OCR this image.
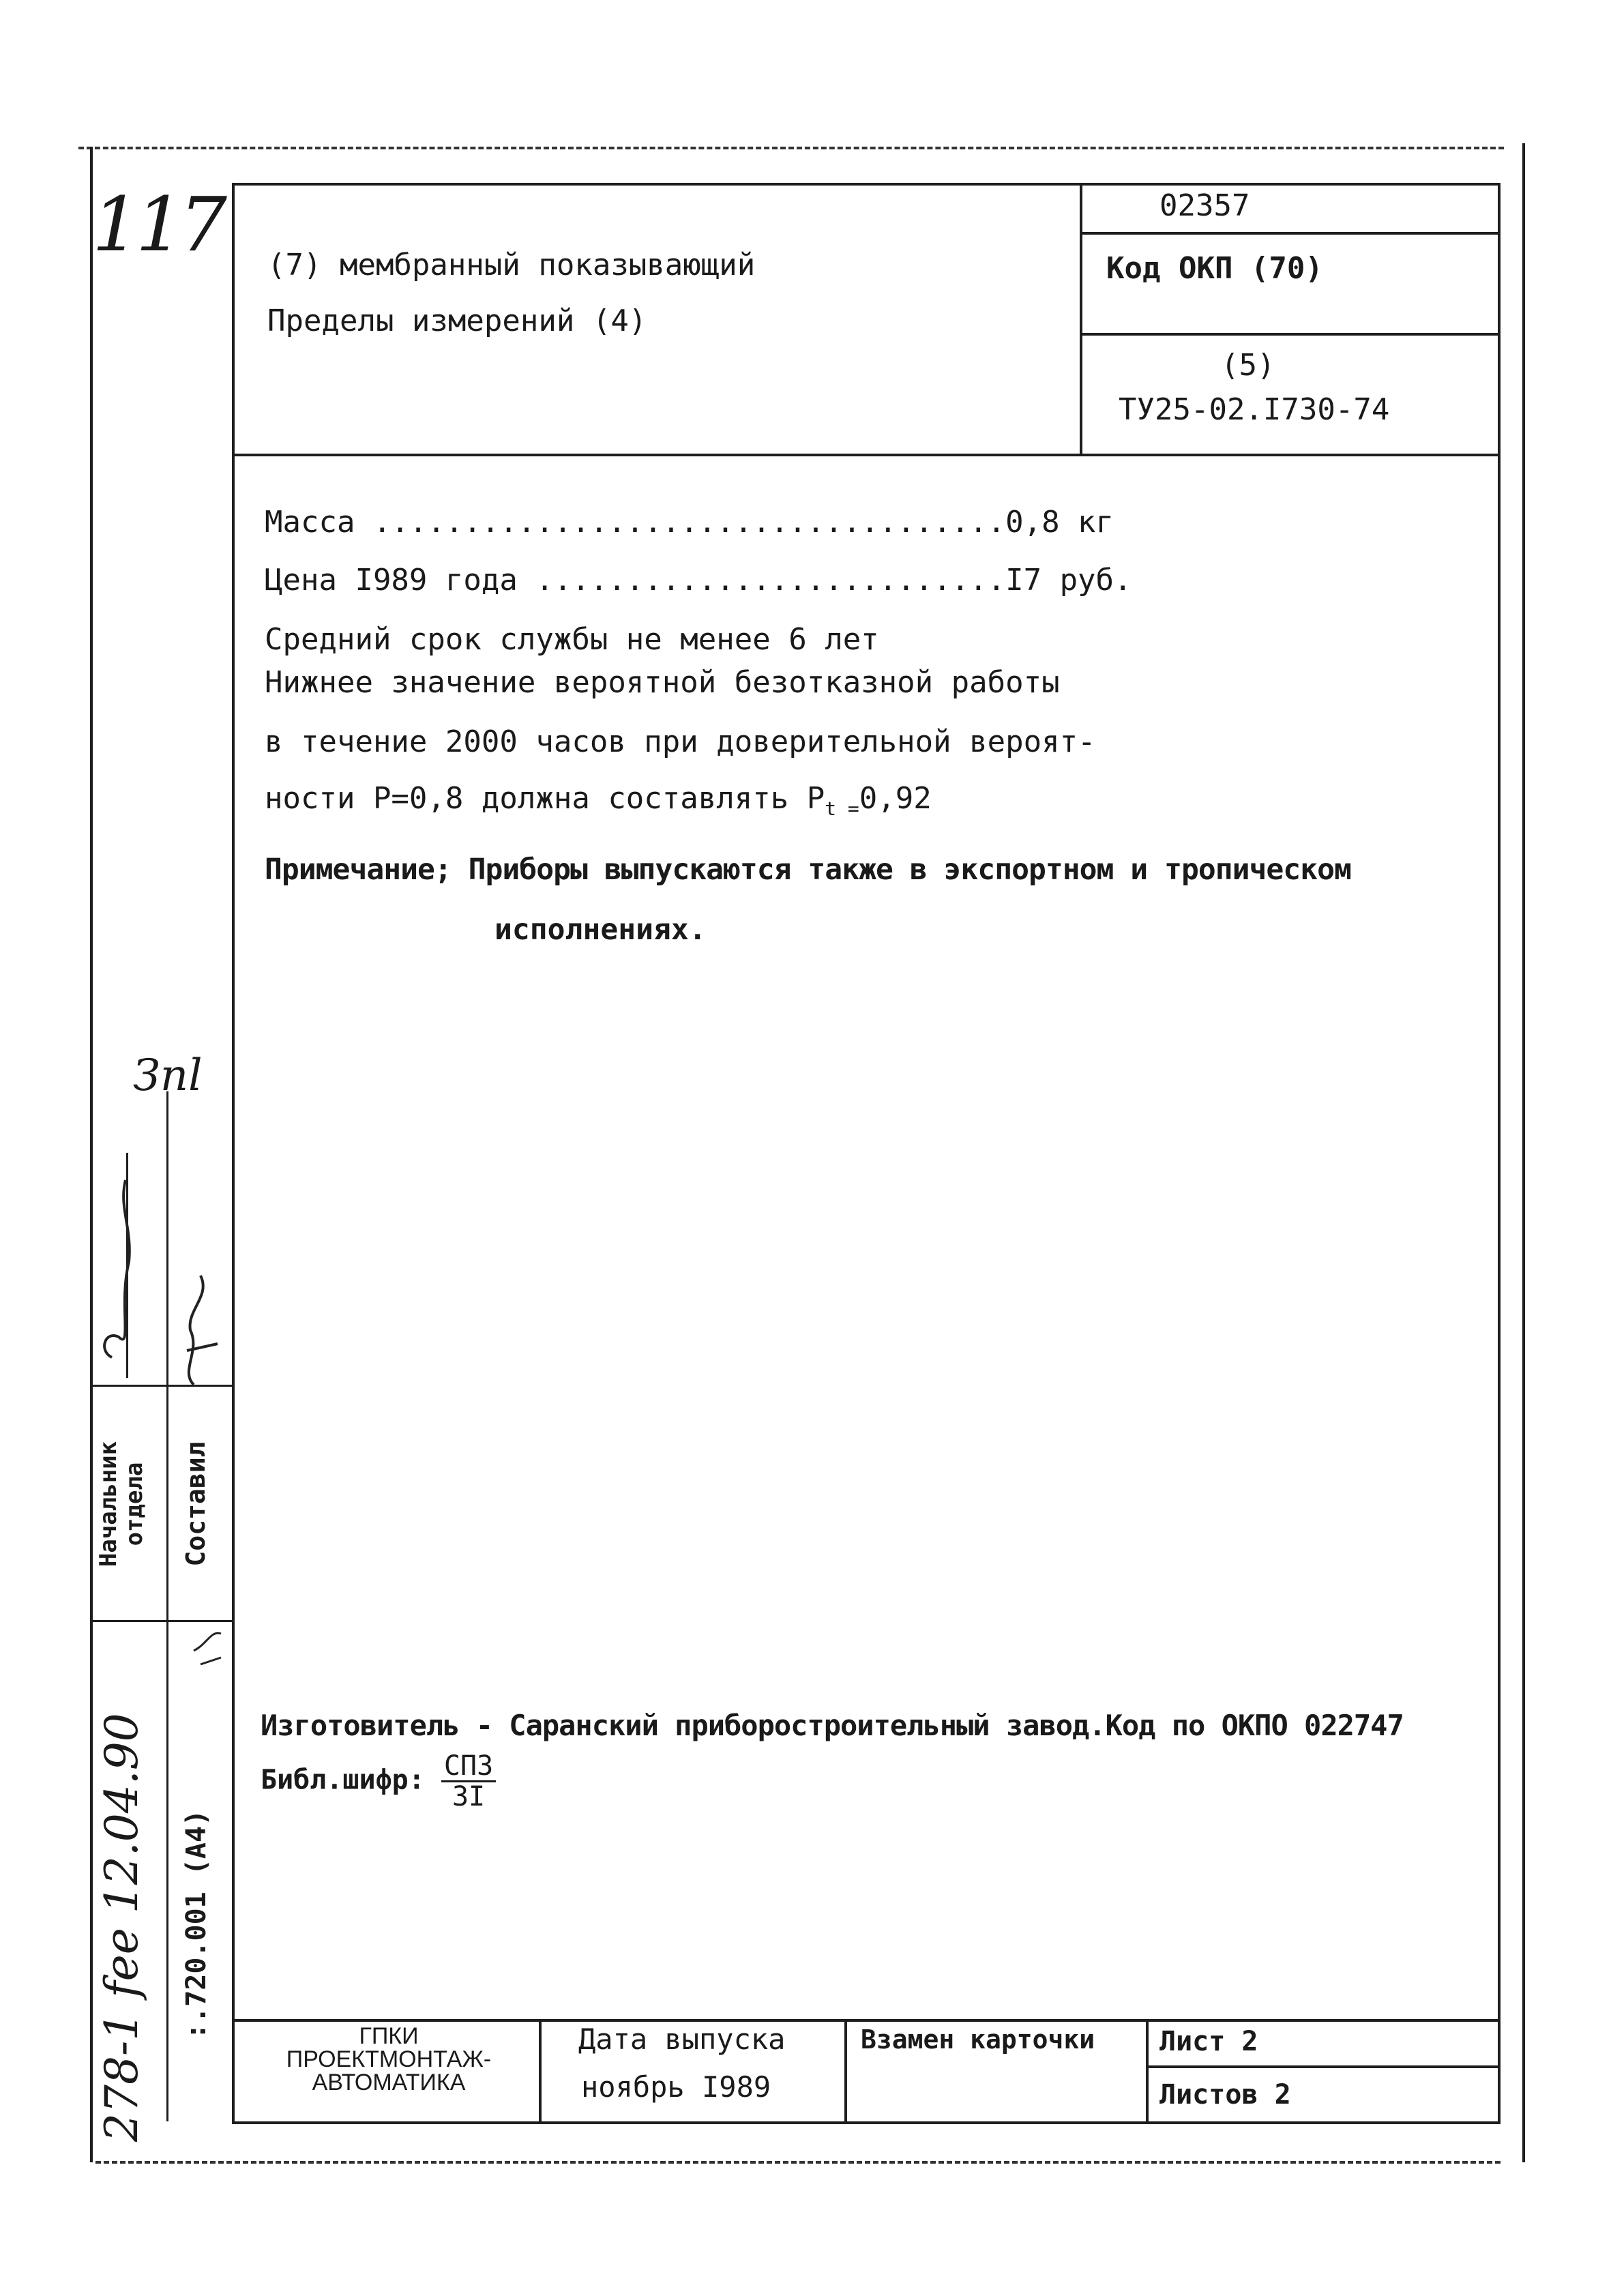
117 (7) мембранный показывающий
Пределы измерений (4)
02357
Код ОКП (70)
(5)
ТУ25-02.I730-74
Масса ...................................0,8 кг
Цена I989 года ..........................I7 руб.
Средний срок службы не менее 6 лет
Нижнее значение вероятной безотказной работы
в течение 2000 часов при доверительной вероят-
ности Р=0,8 должна составлять $Р_{t =}0,92$
Примечание; Приборы выпускаются также в экспортном и тропическом
исполнениях.
Изготовитель - Саранский приборостроительный завод.Код по ОКПО 022747
Библ.шифр: $\frac{\text{СПЗ}}{3I}$
Зnl
Начальник отдела Составил
:.720.001 (А4)
278-1 fee 12.04.90	ГПКИ
ПРОЕКТМОНТАЖ-
АВТОМАТИКА
Дата выпуска
ноябрь I989
Взамен карточки Лист 2
Листов 2
